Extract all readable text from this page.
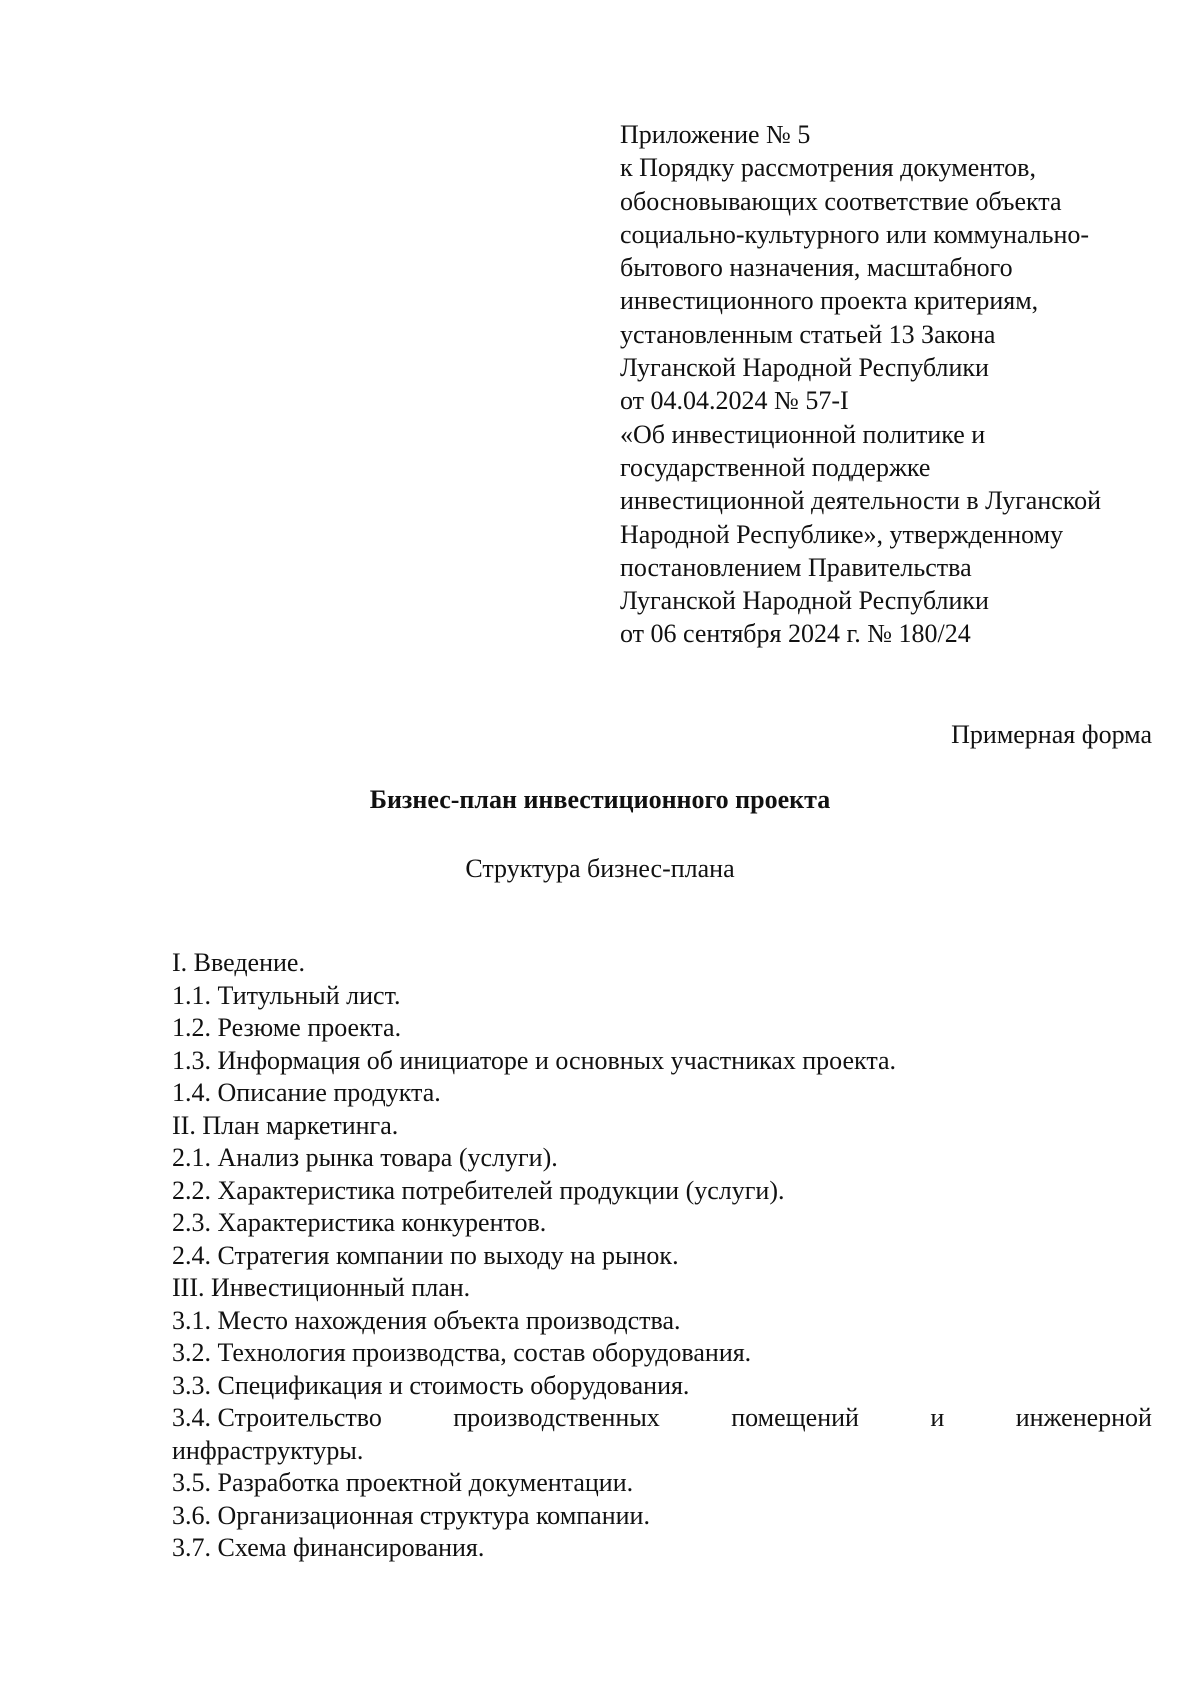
Приложение № 5
к Порядку рассмотрения документов,
обосновывающих соответствие объекта
социально-культурного или коммунально-
бытового назначения, масштабного
инвестиционного проекта критериям,
установленным статьей 13 Закона
Луганской Народной Республики
от 04.04.2024 № 57-I
«Об инвестиционной политике и
государственной поддержке
инвестиционной деятельности в Луганской
Народной Республике», утвержденному
постановлением Правительства
Луганской Народной Республики
от 06 сентября 2024 г. № 180/24
Примерная форма
Бизнес-план инвестиционного проекта
Структура бизнес-плана
I. Введение.
1.1. Титульный лист.
1.2. Резюме проекта.
1.3. Информация об инициаторе и основных участниках проекта.
1.4. Описание продукта.
II. План маркетинга.
2.1. Анализ рынка товара (услуги).
2.2. Характеристика потребителей продукции (услуги).
2.3. Характеристика конкурентов.
2.4. Стратегия компании по выходу на рынок.
III. Инвестиционный план.
3.1. Место нахождения объекта производства.
3.2. Технология производства, состав оборудования.
3.3. Спецификация и стоимость оборудования.
3.4. Строительство	производственных	помещений	и	инженерной
инфраструктуры.
3.5. Разработка проектной документации.
3.6. Организационная структура компании.
3.7. Схема финансирования.
